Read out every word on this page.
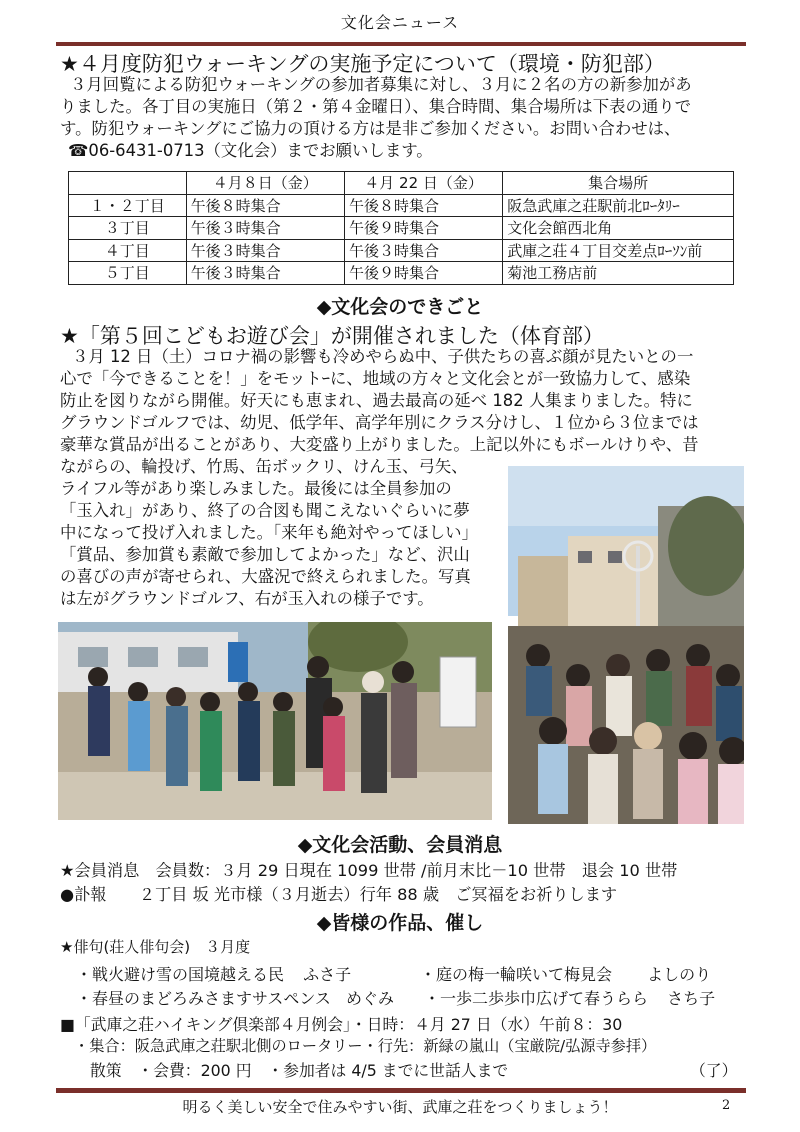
文化会ニュース
★４月度防犯ウォーキングの実施予定について（環境・防犯部）
３月回覧による防犯ウォーキングの参加者募集に対し、３月に２名の方の新参加があ
りました。各丁目の実施日（第２・第４金曜日）、集合時間、集合場所は下表の通りで
す。防犯ウォーキングにご協力の頂ける方は是非ご参加ください。お問い合わせは、
☎06-6431-0713（文化会）までお願いします。
	４月８日（金）	４月 22 日（金）	集合場所
１・２丁目	午後８時集合	午後８時集合	阪急武庫之荘駅前北ﾛｰﾀﾘｰ
３丁目	午後３時集合	午後９時集合	文化会館西北角
４丁目	午後３時集合	午後３時集合	武庫之荘４丁目交差点ﾛｰｿﾝ前
５丁目	午後３時集合	午後９時集合	菊池工務店前
◆文化会のできごと
★「第５回こどもお遊び会」が開催されました（体育部）
３月 12 日（土）コロナ禍の影響も冷めやらぬ中、子供たちの喜ぶ顔が見たいとの一
心で「今できることを！」をモットｰに、地域の方々と文化会とが一致協力して、感染
防止を図りながら開催。好天にも恵まれ、過去最高の延べ 182 人集まりました。特に
グラウンドゴルフでは、幼児、低学年、高学年別にクラス分けし、１位から３位までは
豪華な賞品が出ることがあり、大変盛り上がりました。上記以外にもボールけりや、昔
ながらの、輪投げ、竹馬、缶ボックリ、けん玉、弓矢、
ライフル等があり楽しみました。最後には全員参加の
「玉入れ」があり、終了の合図も聞こえないぐらいに夢
中になって投げ入れました。「来年も絶対やってほしい」
「賞品、参加賞も素敵で参加してよかった」など、沢山
の喜びの声が寄せられ、大盛況で終えられました。写真
は左がグラウンドゴルフ、右が玉入れの様子です。
◆文化会活動、会員消息
★会員消息　会員数：３月 29 日現在 1099 世帯 /前月末比－10 世帯　退会 10 世帯
●訃報　　２丁目 坂 光市様（３月逝去）行年 88 歳　ご冥福をお祈りします
◆皆様の作品、催し
★俳句(荘人俳句会)　３月度
・戦火避け雪の国境越える民 ふさ子	・庭の梅一輪咲いて梅見会 よしのり
・春昼のまどろみさますサスペンス めぐみ ・一歩二歩歩巾広げて春うらら さち子
■「武庫之荘ハイキング倶楽部４月例会」・日時：４月 27 日（水）午前８：30
・集合：阪急武庫之荘駅北側のロータリー・行先：新緑の嵐山（宝厳院/弘源寺参拝）
散策　・会費：200 円　・参加者は 4/5 までに世話人まで	（了）
明るく美しい安全で住みやすい街、武庫之荘をつくりましょう！	2
